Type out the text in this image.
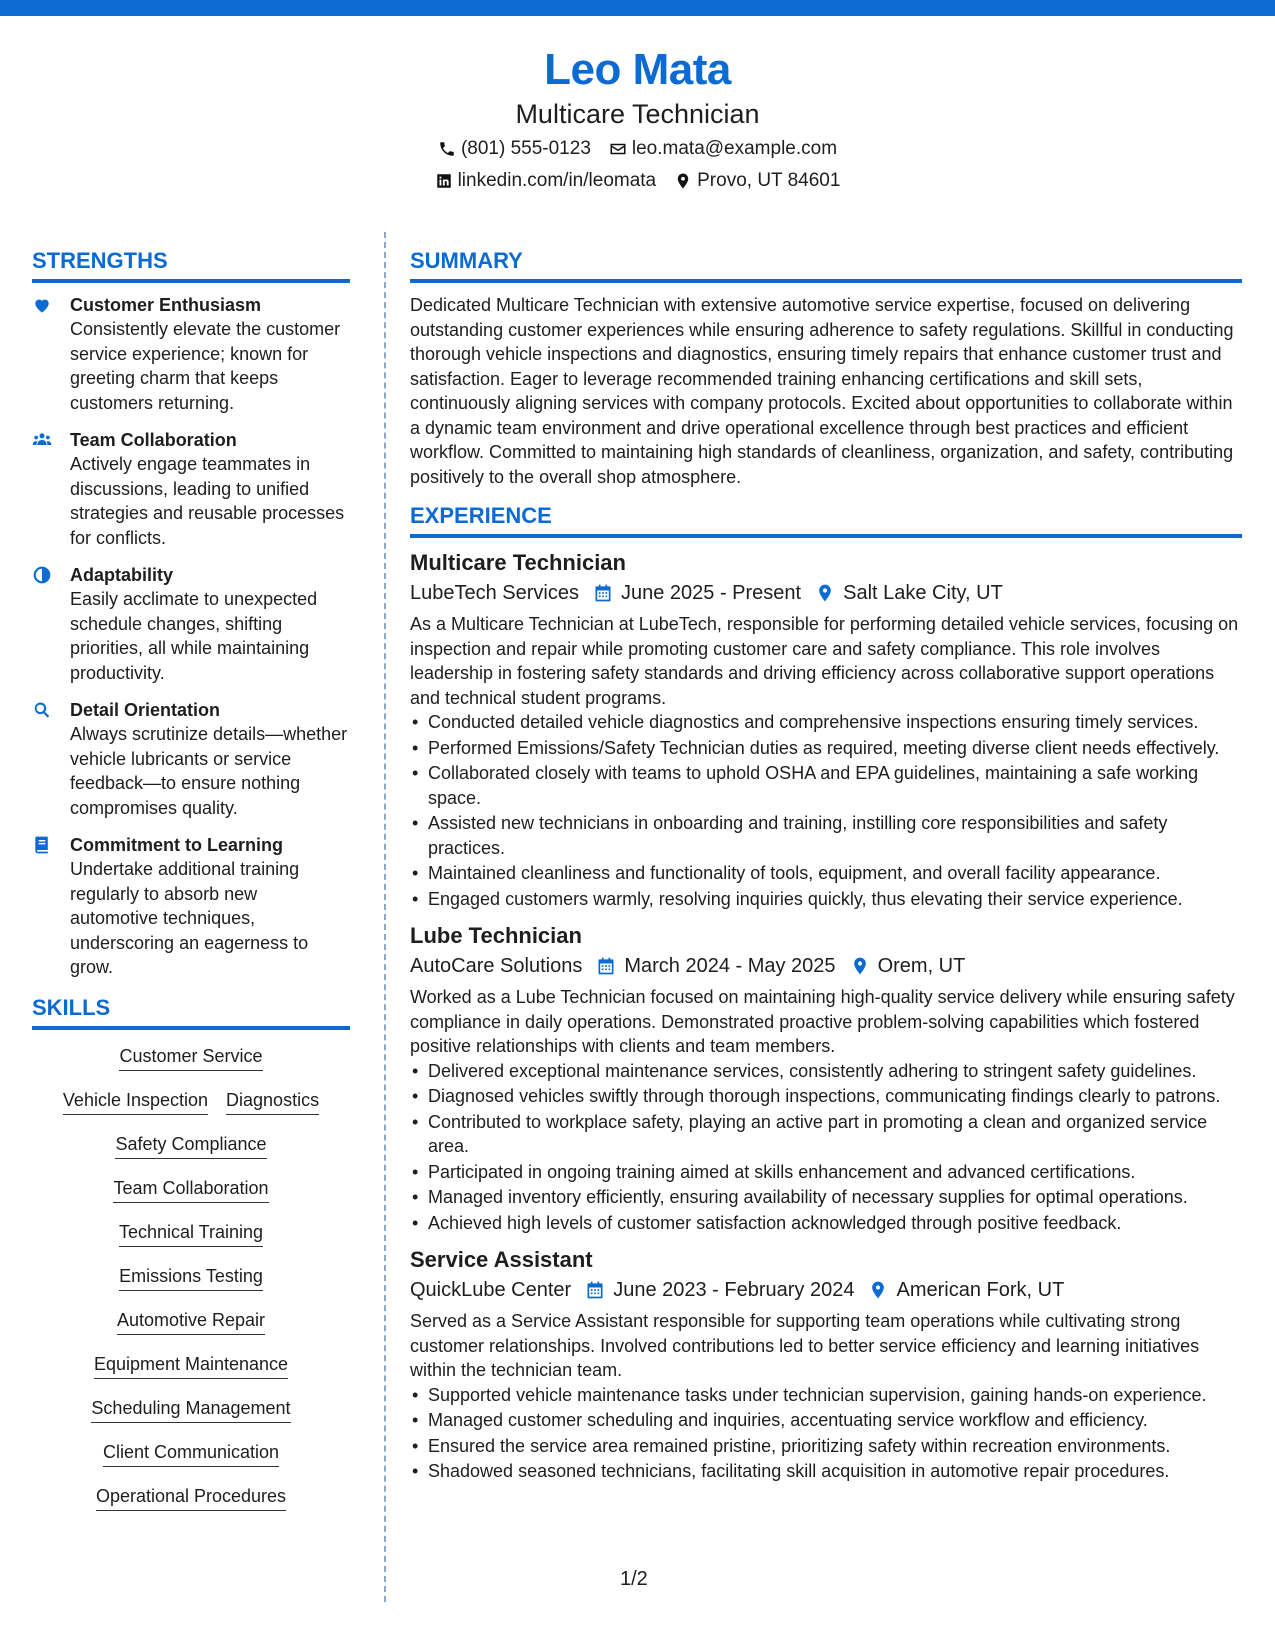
Leo Mata
Multicare Technician
(801) 555-0123 leo.mata@example.com
linkedin.com/in/leomata Provo, UT 84601
STRENGTHS
Customer Enthusiasm
Consistently elevate the customer service experience; known for greeting charm that keeps customers returning.
Team Collaboration
Actively engage teammates in discussions, leading to unified strategies and reusable processes for conflicts.
Adaptability
Easily acclimate to unexpected schedule changes, shifting priorities, all while maintaining productivity.
Detail Orientation
Always scrutinize details—whether vehicle lubricants or service feedback—to ensure nothing compromises quality.
Commitment to Learning
Undertake additional training regularly to absorb new automotive techniques, underscoring an eagerness to grow.
SKILLS
Customer Service
Vehicle Inspection Diagnostics
Safety Compliance
Team Collaboration
Technical Training
Emissions Testing
Automotive Repair
Equipment Maintenance
Scheduling Management
Client Communication
Operational Procedures
SUMMARY
Dedicated Multicare Technician with extensive automotive service expertise, focused on delivering outstanding customer experiences while ensuring adherence to safety regulations. Skillful in conducting thorough vehicle inspections and diagnostics, ensuring timely repairs that enhance customer trust and satisfaction. Eager to leverage recommended training enhancing certifications and skill sets, continuously aligning services with company protocols. Excited about opportunities to collaborate within a dynamic team environment and drive operational excellence through best practices and efficient workflow. Committed to maintaining high standards of cleanliness, organization, and safety, contributing positively to the overall shop atmosphere.
EXPERIENCE
Multicare Technician
LubeTech Services June 2025 - Present Salt Lake City, UT
As a Multicare Technician at LubeTech, responsible for performing detailed vehicle services, focusing on inspection and repair while promoting customer care and safety compliance. This role involves leadership in fostering safety standards and driving efficiency across collaborative support operations and technical student programs.
• Conducted detailed vehicle diagnostics and comprehensive inspections ensuring timely services.
• Performed Emissions/Safety Technician duties as required, meeting diverse client needs effectively.
• Collaborated closely with teams to uphold OSHA and EPA guidelines, maintaining a safe working space.
• Assisted new technicians in onboarding and training, instilling core responsibilities and safety practices.
• Maintained cleanliness and functionality of tools, equipment, and overall facility appearance.
• Engaged customers warmly, resolving inquiries quickly, thus elevating their service experience.
Lube Technician
AutoCare Solutions March 2024 - May 2025 Orem, UT
Worked as a Lube Technician focused on maintaining high-quality service delivery while ensuring safety compliance in daily operations. Demonstrated proactive problem-solving capabilities which fostered positive relationships with clients and team members.
• Delivered exceptional maintenance services, consistently adhering to stringent safety guidelines.
• Diagnosed vehicles swiftly through thorough inspections, communicating findings clearly to patrons.
• Contributed to workplace safety, playing an active part in promoting a clean and organized service area.
• Participated in ongoing training aimed at skills enhancement and advanced certifications.
• Managed inventory efficiently, ensuring availability of necessary supplies for optimal operations.
• Achieved high levels of customer satisfaction acknowledged through positive feedback.
Service Assistant
QuickLube Center June 2023 - February 2024 American Fork, UT
Served as a Service Assistant responsible for supporting team operations while cultivating strong customer relationships. Involved contributions led to better service efficiency and learning initiatives within the technician team.
• Supported vehicle maintenance tasks under technician supervision, gaining hands-on experience.
• Managed customer scheduling and inquiries, accentuating service workflow and efficiency.
• Ensured the service area remained pristine, prioritizing safety within recreation environments.
• Shadowed seasoned technicians, facilitating skill acquisition in automotive repair procedures.
1/2
